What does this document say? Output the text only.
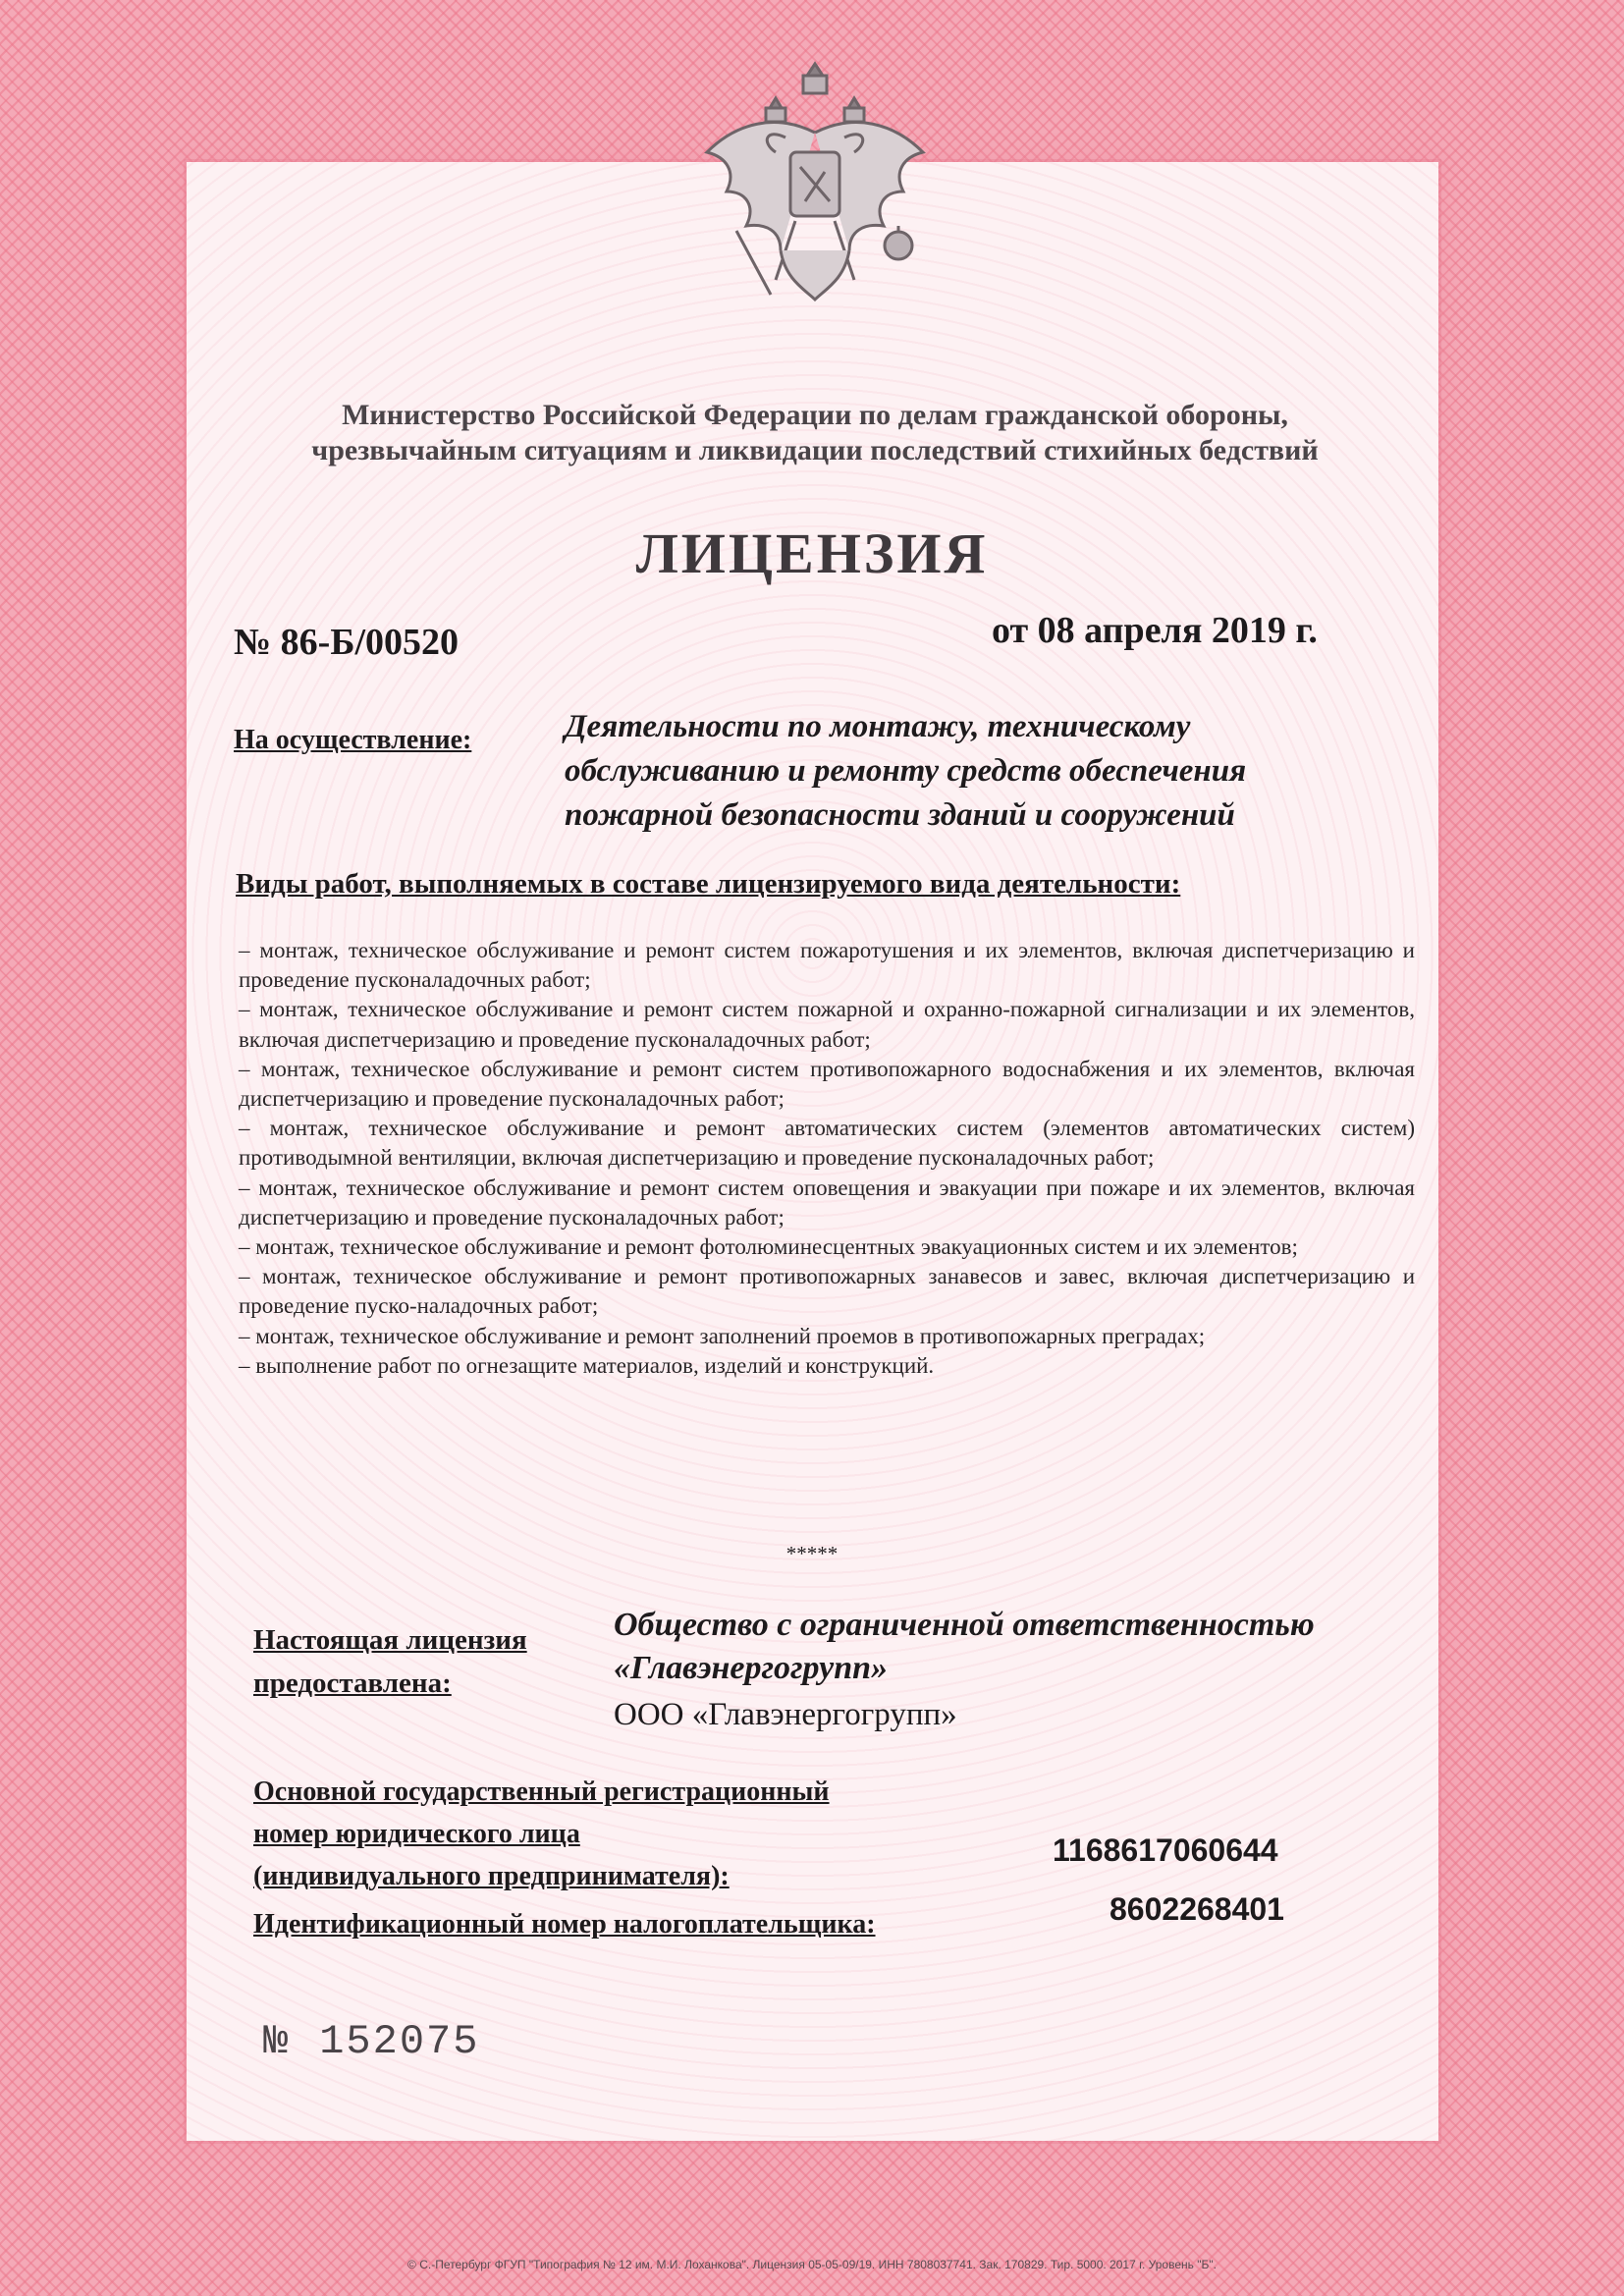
Министерство Российской Федерации по делам гражданской обороны,
чрезвычайным ситуациям и ликвидации последствий стихийных бедствий
ЛИЦЕНЗИЯ
№ 86-Б/00520	от 08 апреля 2019 г.
На осуществление:	Деятельности по монтажу, техническому
обслуживанию и ремонту средств обеспечения
пожарной безопасности зданий и сооружений
Виды работ, выполняемых в составе лицензируемого вида деятельности:

– монтаж, техническое обслуживание и ремонт систем пожаротушения и их элементов, включая диспетчеризацию и проведение пусконаладочных работ;

– монтаж, техническое обслуживание и ремонт систем пожарной и охранно-пожарной сигнализации и их элементов, включая диспетчеризацию и проведение пусконаладочных работ;

– монтаж, техническое обслуживание и ремонт систем противопожарного водоснабжения и их элементов, включая диспетчеризацию и проведение пусконаладочных работ;

– монтаж, техническое обслуживание и ремонт автоматических систем (элементов автоматических систем) противодымной вентиляции, включая диспетчеризацию и проведение пусконаладочных работ;

– монтаж, техническое обслуживание и ремонт систем оповещения и эвакуации при пожаре и их элементов, включая диспетчеризацию и проведение пусконаладочных работ;

– монтаж, техническое обслуживание и ремонт фотолюминесцентных эвакуационных систем и их элементов;

– монтаж, техническое обслуживание и ремонт противопожарных занавесов и завес, включая диспетчеризацию и проведение пуско-наладочных работ;

– монтаж, техническое обслуживание и ремонт заполнений проемов в противопожарных преградах;

– выполнение работ по огнезащите материалов, изделий и конструкций.

*****
Настоящая лицензия
предоставлена:
Общество с ограниченной ответственностью
«Главэнергогрупп»
ООО «Главэнергогрупп»
Основной государственный регистрационный
номер юридического лица
(индивидуального предпринимателя):
1168617060644
Идентификационный номер налогоплательщика:	8602268401
№ 152075
© С.-Петербург ФГУП "Типография № 12 им. М.И. Лоханкова". Лицензия 05-05-09/19. ИНН 7808037741. Зак. 170829. Тир. 5000. 2017 г. Уровень "Б".
